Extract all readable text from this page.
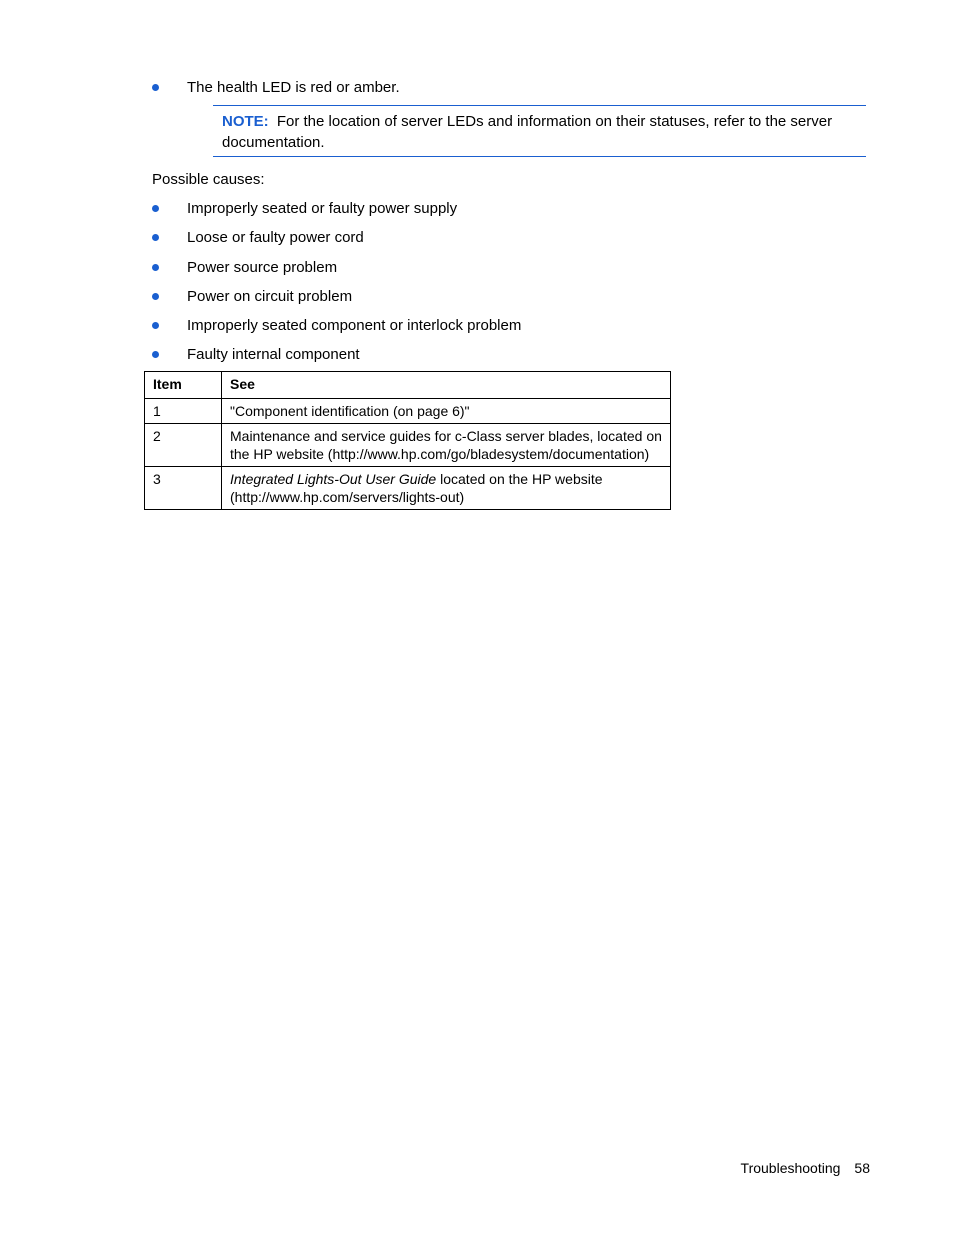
The health LED is red or amber.
NOTE: For the location of server LEDs and information on their statuses, refer to the server documentation.
Possible causes:
Improperly seated or faulty power supply
Loose or faulty power cord
Power source problem
Power on circuit problem
Improperly seated component or interlock problem
Faulty internal component
Item	See
1	"Component identification (on page 6)"
2	Maintenance and service guides for c-Class server blades, located on the HP website (http://www.hp.com/go/bladesystem/documentation)
3	Integrated Lights-Out User Guide located on the HP website (http://www.hp.com/servers/lights-out)
Troubleshooting 58
